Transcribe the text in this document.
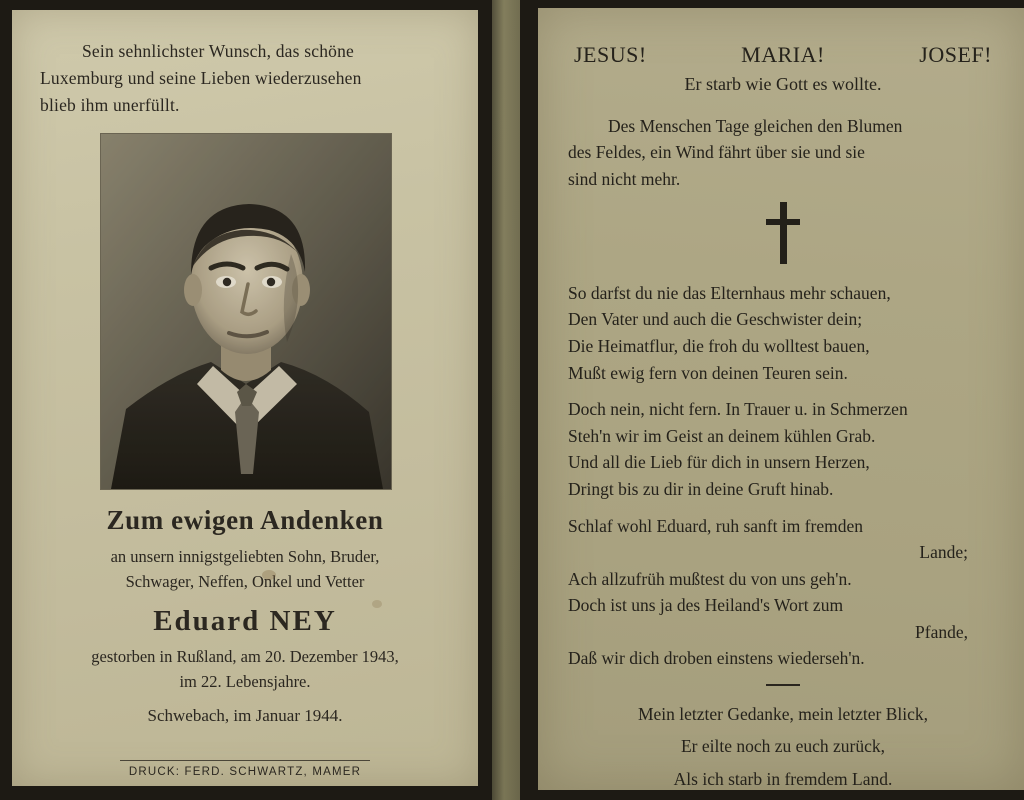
Sein sehnlichster Wunsch, das schöne
Luxemburg und seine Lieben wiederzusehen
blieb ihm unerfüllt.
Zum ewigen Andenken
an unsern innigstgeliebten Sohn, Bruder,
Schwager, Neffen, Onkel und Vetter
Eduard NEY
gestorben in Rußland, am 20. Dezember 1943,
im 22. Lebensjahre.
Schwebach, im Januar 1944.
DRUCK: FERD. SCHWARTZ, MAMER
JESUS!	MARIA!	JOSEF!
Er starb wie Gott es wollte.
Des Menschen Tage gleichen den Blumen
des Feldes, ein Wind fährt über sie und sie
sind nicht mehr.
So darfst du nie das Elternhaus mehr schauen,
Den Vater und auch die Geschwister dein;
Die Heimatflur, die froh du wolltest bauen,
Mußt ewig fern von deinen Teuren sein.
Doch nein, nicht fern. In Trauer u. in Schmerzen
Steh'n wir im Geist an deinem kühlen Grab.
Und all die Lieb für dich in unsern Herzen,
Dringt bis zu dir in deine Gruft hinab.
Schlaf wohl Eduard, ruh sanft im fremden
Lande;
Ach allzufrüh mußtest du von uns geh'n.
Doch ist uns ja des Heiland's Wort zum
Pfande,
Daß wir dich droben einstens wiederseh'n.
Mein letzter Gedanke, mein letzter Blick,
Er eilte noch zu euch zurück,
Als ich starb in fremdem Land.
